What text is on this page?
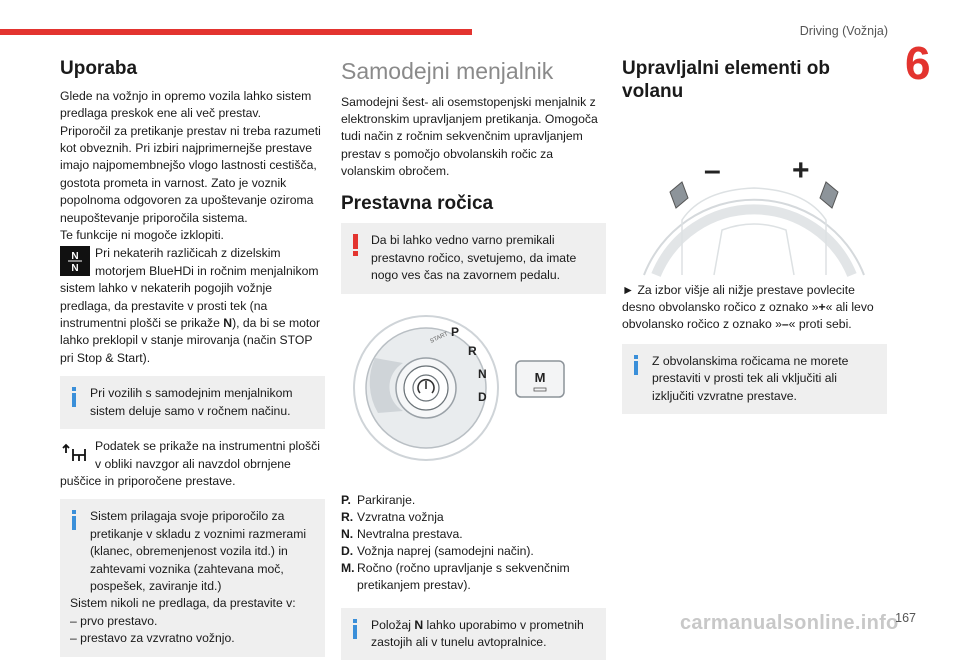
Driving (Vožnja)
6
Uporaba

Glede na vožnjo in opremo vozila lahko sistem predlaga preskok ene ali več prestav.

Priporočil za pretikanje prestav ni treba razumeti kot obveznih. Pri izbiri najprimernejše prestave imajo najpomembnejšo vlogo lastnosti cestišča, gostota prometa in varnost. Zato je voznik popolnoma odgovoren za upoštevanje oziroma neupoštevanje priporočila sistema.

Te funkcije ni mogoče izklopiti.

N
N

Pri nekaterih različicah z dizelskim motorjem BlueHDi in ročnim menjalnikom sistem lahko v nekaterih pogojih vožnje predlaga, da prestavite v prosti tek (na instrumentni plošči se prikaže N), da bi se motor lahko preklopil v stanje mirovanja (način STOP pri Stop & Start).

Pri vozilih s samodejnim menjalnikom sistem deluje samo v ročnem načinu.

Podatek se prikaže na instrumentni plošči v obliki navzgor ali navzdol obrnjene puščice in priporočene prestave.

Sistem prilagaja svoje priporočilo za pretikanje v skladu z voznimi razmerami (klanec, obremenjenost vozila itd.) in zahtevami voznika (zahtevana moč, pospešek, zaviranje itd.)

Sistem nikoli ne predlaga, da prestavite v:

– prvo prestavo.

– prestavo za vzvratno vožnjo.

Samodejni menjalnik

Samodejni šest- ali osemstopenjski menjalnik z elektronskim upravljanjem pretikanja. Omogoča tudi način z ročnim sekvenčnim upravljanjem prestav s pomočjo obvolanskih ročic za volanskim obročem.

Prestavna ročica

Da bi lahko vedno varno premikali prestavno ročico, svetujemo, da imate nogo ves čas na zavornem pedalu.

P
R
N
D
START
M
P. Parkiranje.
R. Vzvratna vožnja
N. Nevtralna prestava.
D. Vožnja naprej (samodejni način).
M. Ročno (ročno upravljanje s sekvenčnim pretikanjem prestav).

Položaj N lahko uporabimo v prometnih zastojih ali v tunelu avtopralnice.

Upravljalni elementi ob volanu
– +

► Za izbor višje ali nižje prestave povlecite desno obvolansko ročico z oznako »+« ali levo obvolansko ročico z oznako »–« proti sebi.

Z obvolanskima ročicama ne morete prestaviti v prosti tek ali vključiti ali izključiti vzvratne prestave.

carmanualsonline.info
167
